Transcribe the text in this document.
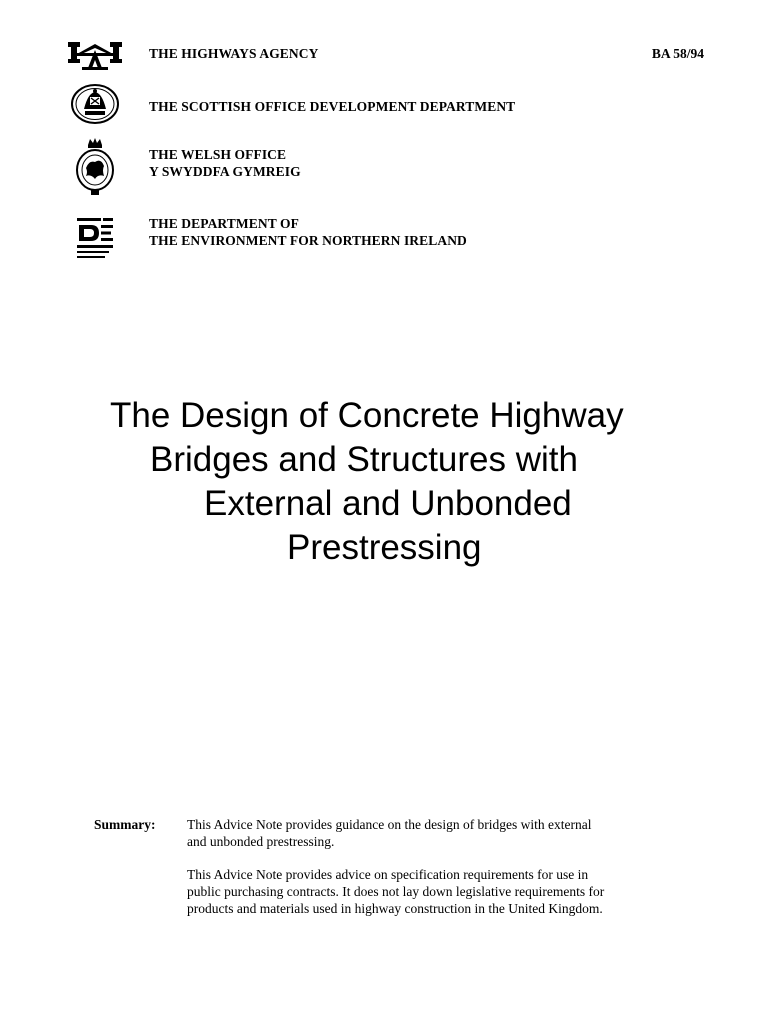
THE HIGHWAYS AGENCY	BA 58/94
THE SCOTTISH OFFICE DEVELOPMENT DEPARTMENT
THE WELSH OFFICE
Y SWYDDFA GYMREIG
THE DEPARTMENT OF
THE ENVIRONMENT FOR NORTHERN IRELAND
The Design of Concrete Highway
Bridges and Structures with
External and Unbonded
Prestressing
Summary: This Advice Note provides guidance on the design of bridges with external
and unbonded prestressing.

This Advice Note provides advice on specification requirements for use in
public purchasing contracts. It does not lay down legislative requirements for
products and materials used in highway construction in the United Kingdom.
